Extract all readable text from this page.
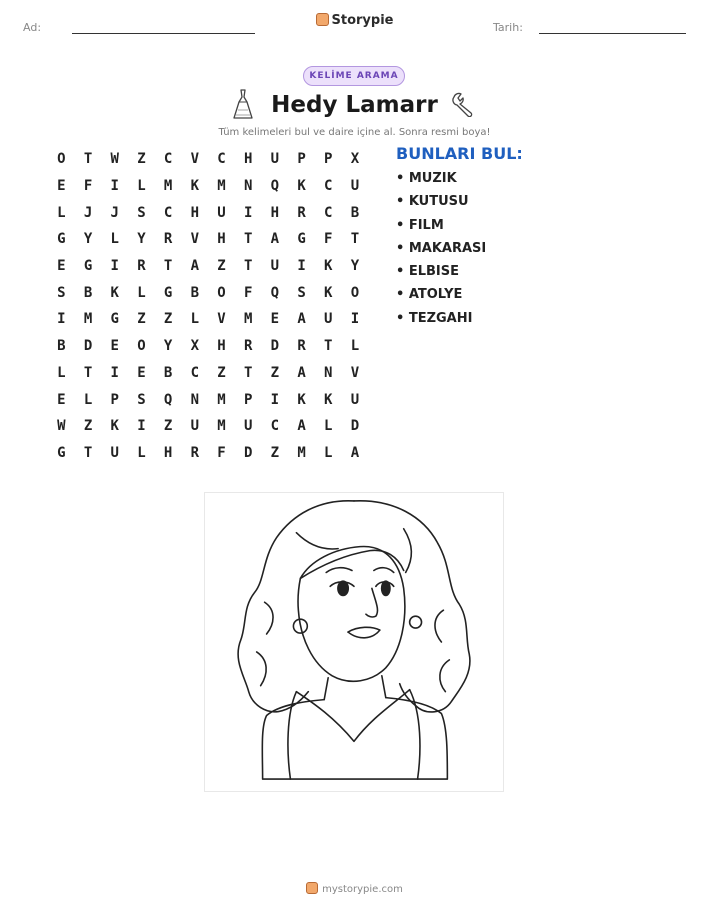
Ad:	Storypie	Tarih:
KELİME ARAMA
Hedy Lamarr
Tüm kelimeleri bul ve daire içine al. Sonra resmi boya!
O	T	W	Z	C	V	C	H	U	P	P	X
E	F	I	L	M	K	M	N	Q	K	C	U
L	J	J	S	C	H	U	I	H	R	C	B
G	Y	L	Y	R	V	H	T	A	G	F	T
E	G	I	R	T	A	Z	T	U	I	K	Y
S	B	K	L	G	B	O	F	Q	S	K	O
I	M	G	Z	Z	L	V	M	E	A	U	I
B	D	E	O	Y	X	H	R	D	R	T	L
L	T	I	E	B	C	Z	T	Z	A	N	V
E	L	P	S	Q	N	M	P	I	K	K	U
W	Z	K	I	Z	U	M	U	C	A	L	D
G	T	U	L	H	R	F	D	Z	M	L	A
BUNLARI BUL:
• MUZIK
• KUTUSU
• FILM
• MAKARASI
• ELBISE
• ATOLYE
• TEZGAHI
mystorypie.com
